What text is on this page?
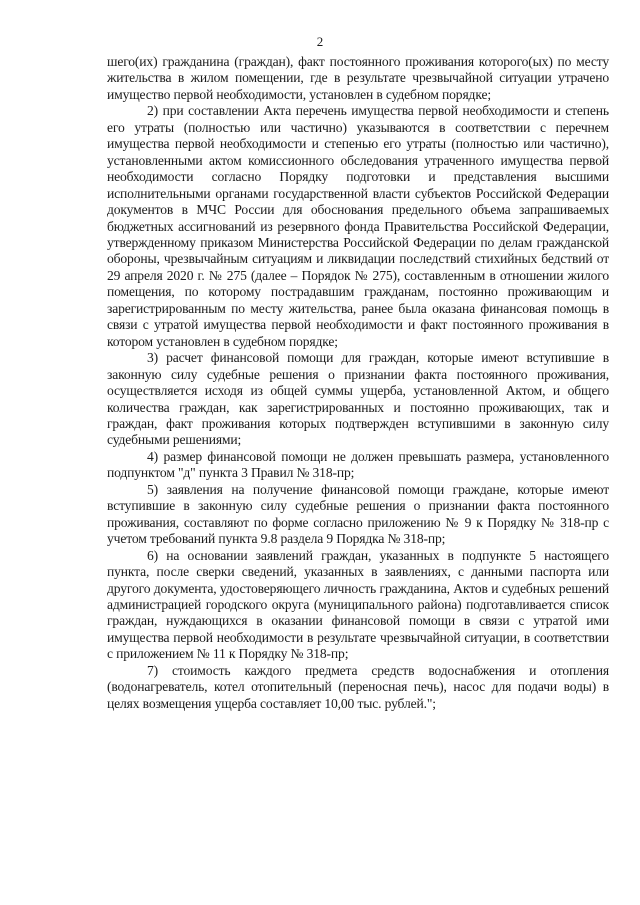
2

шего(их) гражданина (граждан), факт постоянного проживания которого(ых) по месту жительства в жилом помещении, где в результате чрезвычайной ситуации утрачено имущество первой необходимости, установлен в судебном порядке;

2) при составлении Акта перечень имущества первой необходимости и степень его утраты (полностью или частично) указываются в соответствии с перечнем имущества первой необходимости и степенью его утраты (полностью или частично), установленными актом комиссионного обследования утраченного имущества первой необходимости согласно Порядку подготовки и представления высшими исполнительными органами государственной власти субъектов Российской Федерации документов в МЧС России для обоснования предельного объема запрашиваемых бюджетных ассигнований из резервного фонда Правительства Российской Федерации, утвержденному приказом Министерства Российской Федерации по делам гражданской обороны, чрезвычайным ситуациям и ликвидации последствий стихийных бедствий от 29 апреля 2020 г. № 275 (далее – Порядок № 275), составленным в отношении жилого помещения, по которому пострадавшим гражданам, постоянно проживающим и зарегистрированным по месту жительства, ранее была оказана финансовая помощь в связи с утратой имущества первой необходимости и факт постоянного проживания в котором установлен в судебном порядке;

3) расчет финансовой помощи для граждан, которые имеют вступившие в законную силу судебные решения о признании факта постоянного проживания, осуществляется исходя из общей суммы ущерба, установленной Актом, и общего количества граждан, как зарегистрированных и постоянно проживающих, так и граждан, факт проживания которых подтвержден вступившими в законную силу судебными решениями;

4) размер финансовой помощи не должен превышать размера, установленного подпунктом "д" пункта 3 Правил № 318-пр;

5) заявления на получение финансовой помощи граждане, которые имеют вступившие в законную силу судебные решения о признании факта постоянного проживания, составляют по форме согласно приложению № 9 к Порядку № 318-пр с учетом требований пункта 9.8 раздела 9 Порядка № 318-пр;

6) на основании заявлений граждан, указанных в подпункте 5 настоящего пункта, после сверки сведений, указанных в заявлениях, с данными паспорта или другого документа, удостоверяющего личность гражданина, Актов и судебных решений администрацией городского округа (муниципального района) подготавливается список граждан, нуждающихся в оказании финансовой помощи в связи с утратой ими имущества первой необходимости в результате чрезвычайной ситуации, в соответствии с приложением № 11 к Порядку № 318-пр;

7) стоимость каждого предмета средств водоснабжения и отопления (водонагреватель, котел отопительный (переносная печь), насос для подачи воды) в целях возмещения ущерба составляет 10,00 тыс. рублей.";
